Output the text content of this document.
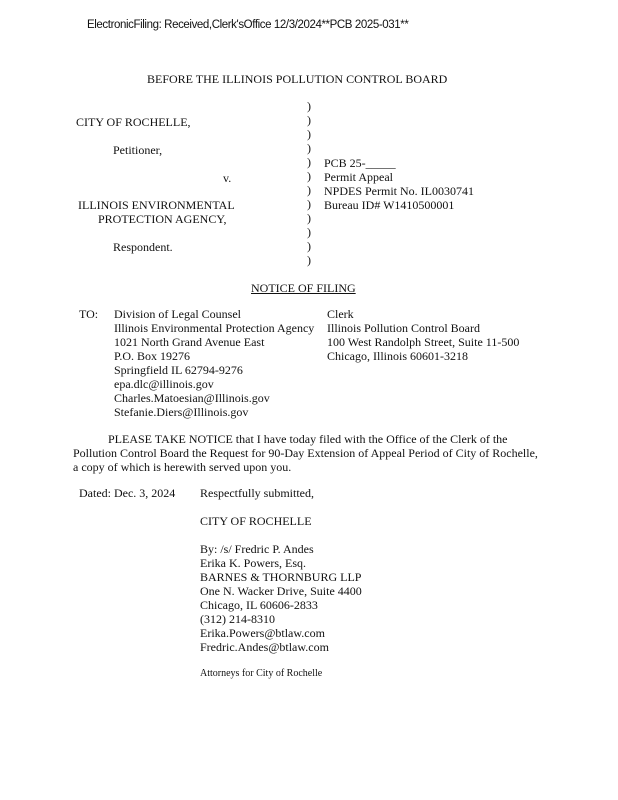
ElectronicFiling: Received,Clerk'sOffice 12/3/2024**PCB 2025-031**
BEFORE THE ILLINOIS POLLUTION CONTROL BOARD
CITY OF ROCHELLE,
Petitioner,
v.
ILLINOIS ENVIRONMENTAL
PROTECTION AGENCY,
Respondent.
)
)
)
)
)
)
)
)
)
)
)
)
PCB 25-_____
Permit Appeal
NPDES Permit No. IL0030741
Bureau ID# W1410500001
NOTICE OF FILING
TO: Division of Legal Counsel
Illinois Environmental Protection Agency
1021 North Grand Avenue East
P.O. Box 19276
Springfield IL 62794-9276
epa.dlc@illinois.gov
Charles.Matoesian@Illinois.gov
Stefanie.Diers@Illinois.gov
Clerk
Illinois Pollution Control Board
100 West Randolph Street, Suite 11-500
Chicago, Illinois 60601-3218
PLEASE TAKE NOTICE that I have today filed with the Office of the Clerk of the
Pollution Control Board the Request for 90-Day Extension of Appeal Period of City of Rochelle,
a copy of which is herewith served upon you.
Dated: Dec. 3, 2024 Respectfully submitted,
CITY OF ROCHELLE
By: /s/ Fredric P. Andes
Erika K. Powers, Esq.
BARNES & THORNBURG LLP
One N. Wacker Drive, Suite 4400
Chicago, IL 60606-2833
(312) 214-8310
Erika.Powers@btlaw.com
Fredric.Andes@btlaw.com
Attorneys for City of Rochelle
